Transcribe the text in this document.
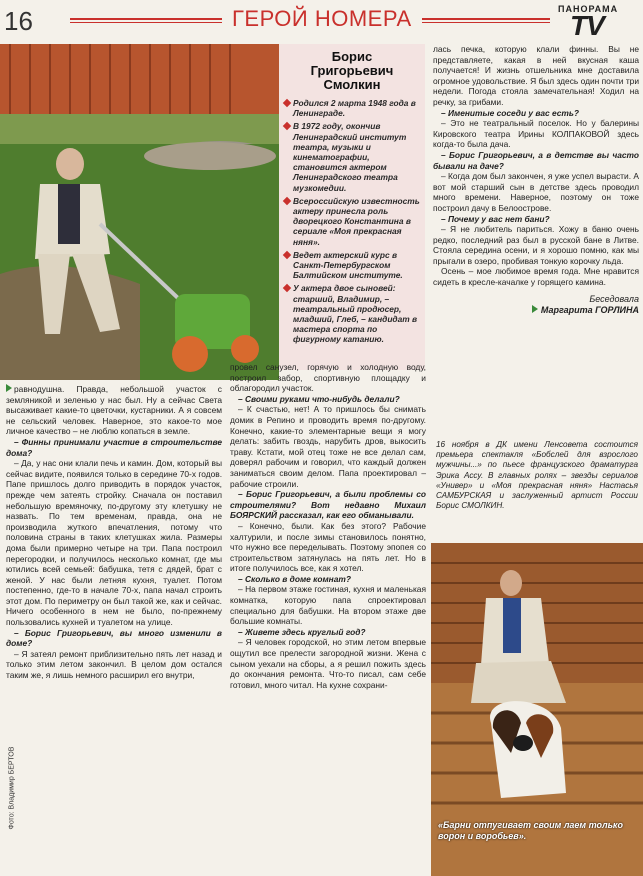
16	ГЕРОЙ НОМЕРА	ПАНОРАМА
TV
Борис
Григорьевич
Смолкин
Родился 2 марта 1948 года в Ленинграде.
В 1972 году, окончив Ленинградский институт театра, музыки и кинематографии, становится актером Ленинградского театра музкомедии.
Всероссийскую известность актеру принесла роль дворецкого Константина в сериале «Моя прекрасная няня».
Ведет актерский курс в Санкт-Петербургском Балтийском институте.
У актера двое сыновей: старший, Владимир, – театральный продюсер, младший, Глеб, – кандидат в мастера спорта по фигурному катанию.

лась печка, которую клали финны. Вы не представляете, какая в ней вкусная каша получается! И жизнь отшельника мне доставила огромное удовольствие. Я был здесь один почти три недели. Погода стояла замечательная! Ходил на речку, за грибами.

– Именитые соседи у вас есть?

– Это не театральный поселок. Но у балерины Кировского театра Ирины КОЛПАКОВОЙ здесь когда-то была дача.

– Борис Григорьевич, а в детстве вы часто бывали на даче?

– Когда дом был закончен, я уже успел вырасти. А вот мой старший сын в детстве здесь проводил много времени. Наверное, поэтому он тоже построил дачу в Белоострове.

– Почему у вас нет бани?

– Я не любитель париться. Хожу в баню очень редко, последний раз был в русской бане в Литве. Стояла середина осени, и я хорошо помню, как мы прыгали в озеро, пробивая тонкую корочку льда.

Осень – мое любимое время года. Мне нравится сидеть в кресле-качалке у горящего камина.

Беседовала
Маргарита ГОРЛИНА
16 ноября в ДК имени Ленсовета состоится премьера спектакля «Бобслей для взрослого мужчины...» по пьесе французского драматурга Эрика Ассу. В главных ролях – звезды сериалов «Универ» и «Моя прекрасная няня» Настасья САМБУРСКАЯ и заслуженный артист России Борис СМОЛКИН.

равнодушна. Правда, небольшой участок с земляникой и зеленью у нас был. Ну а сейчас Света высаживает какие-то цветочки, кустарники. А я совсем не сельский человек. Наверное, это какое-то мое личное качество – не люблю копаться в земле.

– Финны принимали участие в строительстве дома?

– Да, у нас они клали печь и камин. Дом, который вы сейчас видите, появился только в середине 70-х годов. Папе пришлось долго приводить в порядок участок, прежде чем затеять стройку. Сначала он поставил небольшую времяночку, по-другому эту клетушку не назвать. По тем временам, правда, она не производила жуткого впечатления, потому что половина страны в таких клетушках жила. Размеры дома были примерно четыре на три. Папа построил перегородки, и получилось несколько комнат, где мы ютились всей семьей: бабушка, тетя с дядей, брат с женой. У нас были летняя кухня, туалет. Потом постепенно, где-то в начале 70-х, папа начал строить этот дом. По периметру он был такой же, как и сейчас. Ничего особенного в нем не было, по-прежнему пользовались кухней и туалетом на улице.

– Борис Григорьевич, вы много изменили в доме?

– Я затеял ремонт приблизительно пять лет назад и только этим летом закончил. В целом дом остался таким же, я лишь немного расширил его внутри,

провел санузел, горячую и холодную воду, построил забор, спортивную площадку и облагородил участок.

– Своими руками что-нибудь делали?

– К счастью, нет! А то пришлось бы снимать домик в Репино и проводить время по-другому. Конечно, какие-то элементарные вещи я могу делать: забить гвоздь, нарубить дров, выкосить траву. Кстати, мой отец тоже не все делал сам, доверял рабочим и говорил, что каждый должен заниматься своим делом. Папа проектировал – рабочие строили.

– Борис Григорьевич, а были проблемы со строителями? Вот недавно Михаил БОЯРСКИЙ рассказал, как его обманывали.

– Конечно, были. Как без этого? Рабочие халтурили, и после зимы становилось понятно, что нужно все переделывать. Поэтому эпопея со строительством затянулась на пять лет. Но в итоге получилось все, как я хотел.

– Сколько в доме комнат?

– На первом этаже гостиная, кухня и маленькая комнатка, которую папа спроектировал специально для бабушки. На втором этаже две большие комнаты.

– Живете здесь круглый год?

– Я человек городской, но этим летом впервые ощутил все прелести загородной жизни. Жена с сыном уехали на сборы, а я решил пожить здесь до окончания ремонта. Что-то писал, сам себе готовил, много читал. На кухне сохрани-

«Барни отпугивает своим лаем только ворон и воробьев».
Фото: Владимир БЕРТОВ
